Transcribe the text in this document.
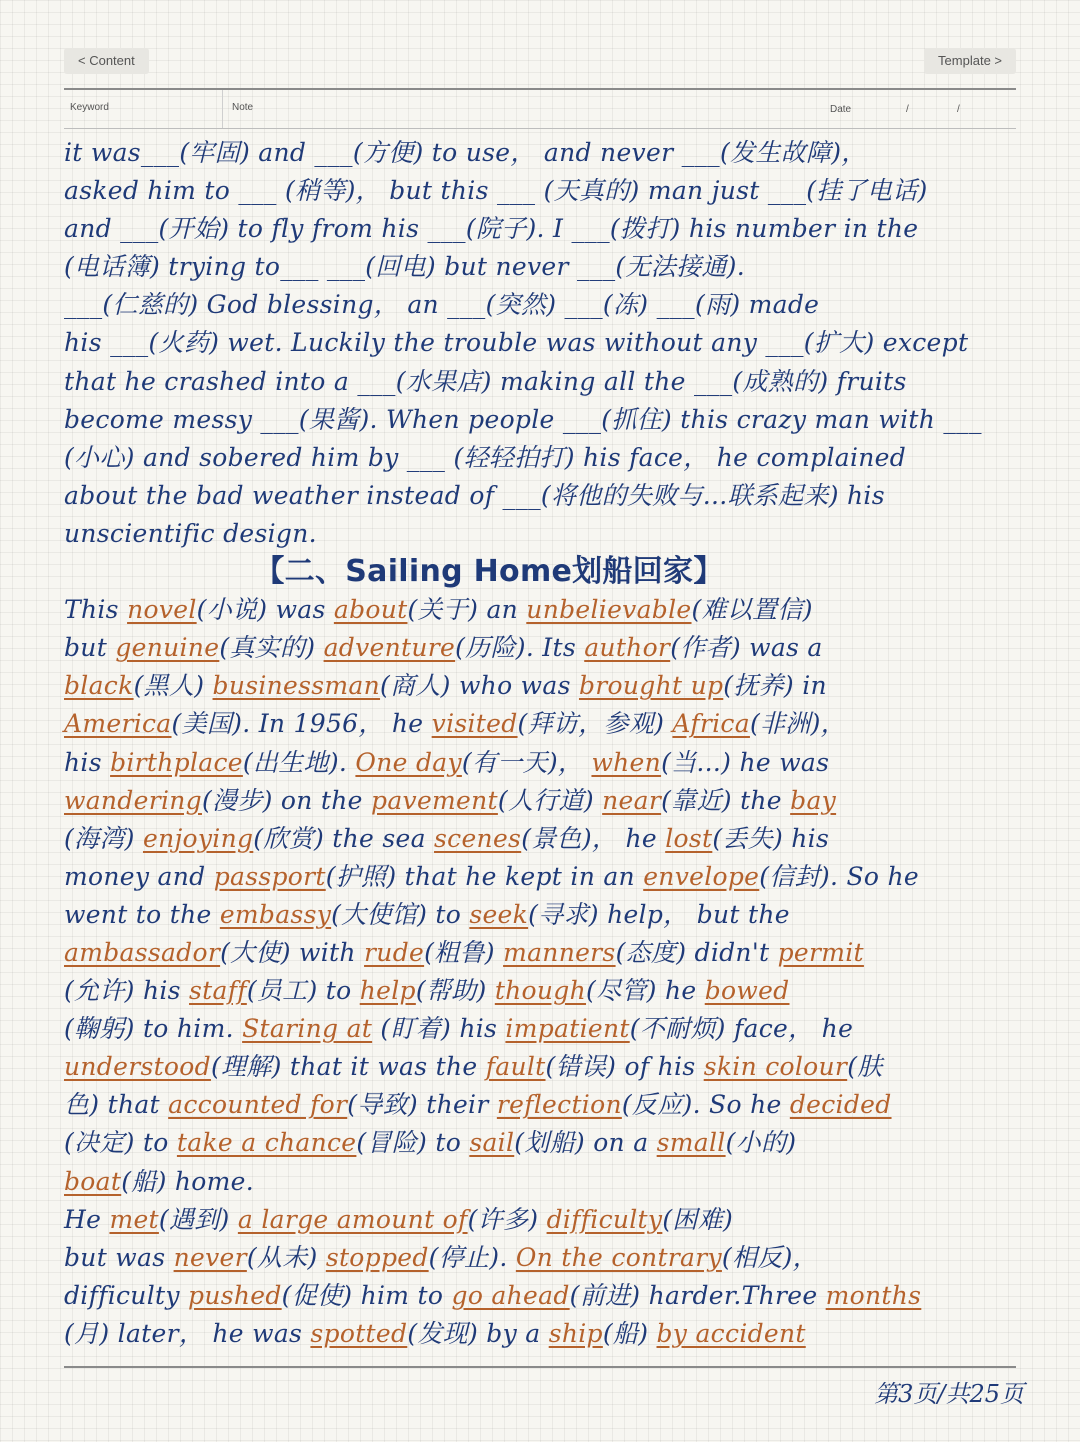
< Content	Template >
Keyword	Note	Date	/	/
it was___(牢固) and ___(方便) to use， and never ___(发生故障)，
asked him to ___ (稍等)， but this ___ (天真的) man just ___(挂了电话)
and ___(开始) to fly from his ___(院子). I ___(拨打) his number in the
(电话簿) trying to___ ___(回电) but never ___(无法接通).
___(仁慈的) God blessing， an ___(突然) ___(冻) ___(雨) made
his ___(火药) wet. Luckily the trouble was without any ___(扩大) except
that he crashed into a ___(水果店) making all the ___(成熟的) fruits
become messy ___(果酱). When people ___(抓住) this crazy man with ___
(小心) and sobered him by ___ (轻轻拍打) his face， he complained
about the bad weather instead of ___(将他的失败与...联系起来) his
unscientific design.
【二、Sailing Home划船回家】
This novel(小说) was about(关于) an unbelievable(难以置信)
but genuine(真实的) adventure(历险). Its author(作者) was a
black(黑人) businessman(商人) who was brought up(抚养) in
America(美国). In 1956， he visited(拜访，参观) Africa(非洲)，
his birthplace(出生地). One day(有一天)， when(当...) he was
wandering(漫步) on the pavement(人行道) near(靠近) the bay
(海湾) enjoying(欣赏) the sea scenes(景色)， he lost(丢失) his
money and passport(护照) that he kept in an envelope(信封). So he
went to the embassy(大使馆) to seek(寻求) help， but the
ambassador(大使) with rude(粗鲁) manners(态度) didn't permit
(允许) his staff(员工) to help(帮助) though(尽管) he bowed
(鞠躬) to him. Staring at (盯着) his impatient(不耐烦) face， he
understood(理解) that it was the fault(错误) of his skin colour(肤
色) that accounted for(导致) their reflection(反应). So he decided
(决定) to take a chance(冒险) to sail(划船) on a small(小的)
boat(船) home.
He met(遇到) a large amount of(许多) difficulty(困难)
but was never(从未) stopped(停止). On the contrary(相反)，
difficulty pushed(促使) him to go ahead(前进) harder.Three months
(月) later， he was spotted(发现) by a ship(船) by accident
第3页/共25页
